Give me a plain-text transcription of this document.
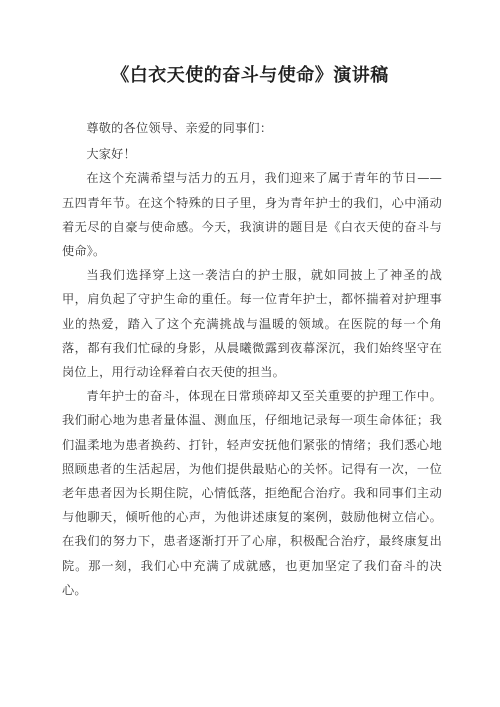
《白衣天使的奋斗与使命》演讲稿

尊敬的各位领导、亲爱的同事们：

大家好！

在这个充满希望与活力的五月，我们迎来了属于青年的节日——五四青年节。在这个特殊的日子里，身为青年护士的我们，心中涌动着无尽的自豪与使命感。今天，我演讲的题目是《白衣天使的奋斗与使命》。

当我们选择穿上这一袭洁白的护士服，就如同披上了神圣的战甲，肩负起了守护生命的重任。每一位青年护士，都怀揣着对护理事业的热爱，踏入了这个充满挑战与温暖的领域。在医院的每一个角落，都有我们忙碌的身影，从晨曦微露到夜幕深沉，我们始终坚守在岗位上，用行动诠释着白衣天使的担当。

青年护士的奋斗，体现在日常琐碎却又至关重要的护理工作中。我们耐心地为患者量体温、测血压，仔细地记录每一项生命体征；我们温柔地为患者换药、打针，轻声安抚他们紧张的情绪；我们悉心地照顾患者的生活起居，为他们提供最贴心的关怀。记得有一次，一位老年患者因为长期住院，心情低落，拒绝配合治疗。我和同事们主动与他聊天，倾听他的心声，为他讲述康复的案例，鼓励他树立信心。在我们的努力下，患者逐渐打开了心扉，积极配合治疗，最终康复出院。那一刻，我们心中充满了成就感，也更加坚定了我们奋斗的决心。
